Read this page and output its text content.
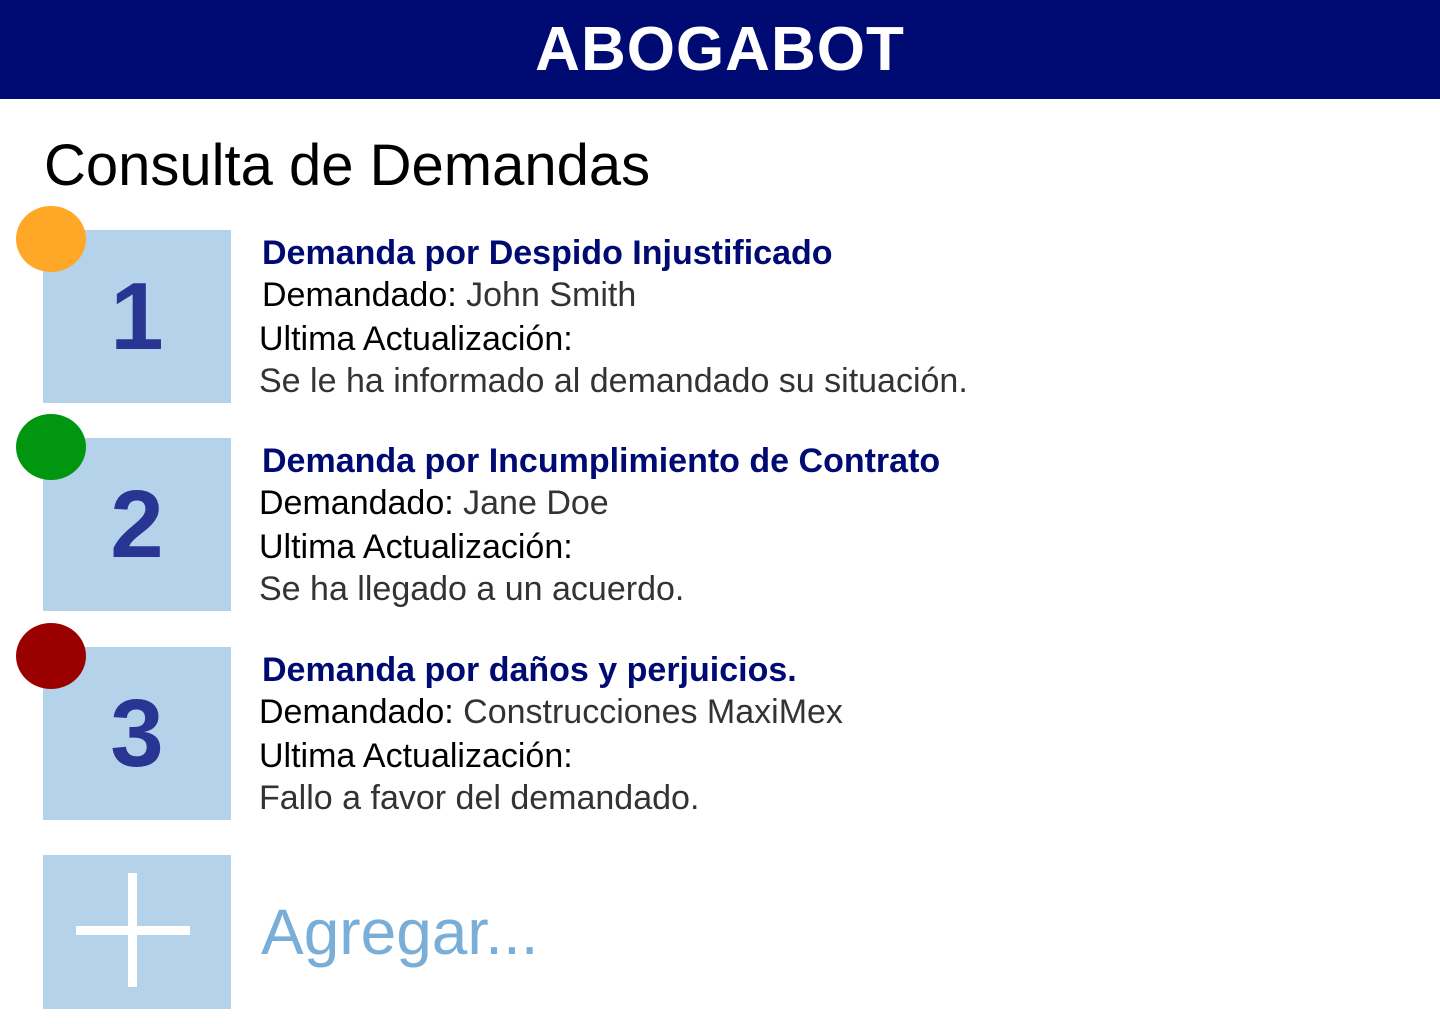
ABOGABOT
Consulta de Demandas
1
Demanda por Despido Injustificado
Demandado: John Smith
Ultima Actualización:
Se le ha informado al demandado su situación.
2
Demanda por Incumplimiento de Contrato
Demandado: Jane Doe
Ultima Actualización:
Se ha llegado a un acuerdo.
3
Demanda por daños y perjuicios.
Demandado: Construcciones MaxiMex
Ultima Actualización:
Fallo a favor del demandado.
Agregar...
